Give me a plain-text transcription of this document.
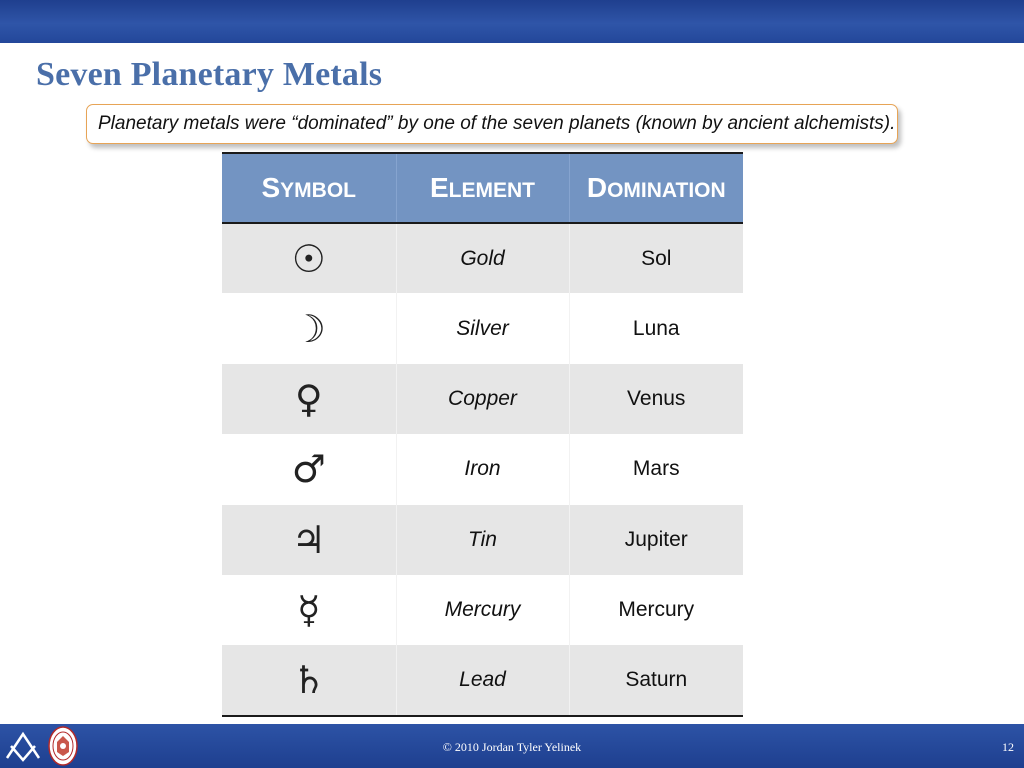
Seven Planetary Metals
Planetary metals were “dominated” by one of the seven planets (known by ancient alchemists).
SYMBOL	ELEMENT	DOMINATION
☉	Gold	Sol
☽	Silver	Luna
♀	Copper	Venus
♂	Iron	Mars
♃	Tin	Jupiter
☿	Mercury	Mercury
♄	Lead	Saturn
© 2010 Jordan Tyler Yelinek	12
